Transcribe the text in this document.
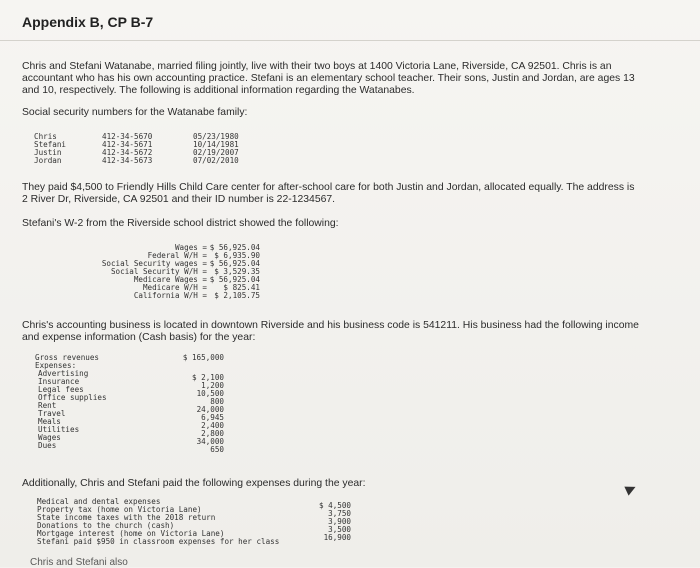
Appendix B, CP B-7
Chris and Stefani Watanabe, married filing jointly, live with their two boys at 1400 Victoria Lane, Riverside, CA 92501. Chris is an
accountant who has his own accounting practice. Stefani is an elementary school teacher. Their sons, Justin and Jordan, are ages 13
and 10, respectively. The following is additional information regarding the Watanabes.
Social security numbers for the Watanabe family:
Chris
Stefani
Justin
Jordan
412-34-5670
412-34-5671
412-34-5672
412-34-5673
05/23/1980
10/14/1981
02/19/2007
07/02/2010
They paid $4,500 to Friendly Hills Child Care center for after-school care for both Justin and Jordan, allocated equally. The address is
2 River Dr, Riverside, CA 92501 and their ID number is 22-1234567.
Stefani's W-2 from the Riverside school district showed the following:
Wages =
Federal W/H =
Social Security wages =
Social Security W/H =
Medicare Wages =
Medicare W/H =
California W/H =
$ 56,925.04
$ 6,935.90
$ 56,925.04
$ 3,529.35
$ 56,925.04
$ 825.41
$ 2,105.75
Chris's accounting business is located in downtown Riverside and his business code is 541211. His business had the following income
and expense information (Cash basis) for the year:
Gross revenues	$ 165,000
Expenses:
Advertising
Insurance
Legal fees
Office supplies
Rent
Travel
Meals
Utilities
Wages
Dues
$ 2,100
1,200
10,500
800
24,000
6,945
2,400
2,800
34,000
650
Additionally, Chris and Stefani paid the following expenses during the year:
Medical and dental expenses
Property tax (home on Victoria Lane)
State income taxes with the 2018 return
Donations to the church (cash)
Mortgage interest (home on Victoria Lane)
Stefani paid $950 in classroom expenses for her class
$ 4,500
3,750
3,900
3,500
16,900
Chris and Stefani also
